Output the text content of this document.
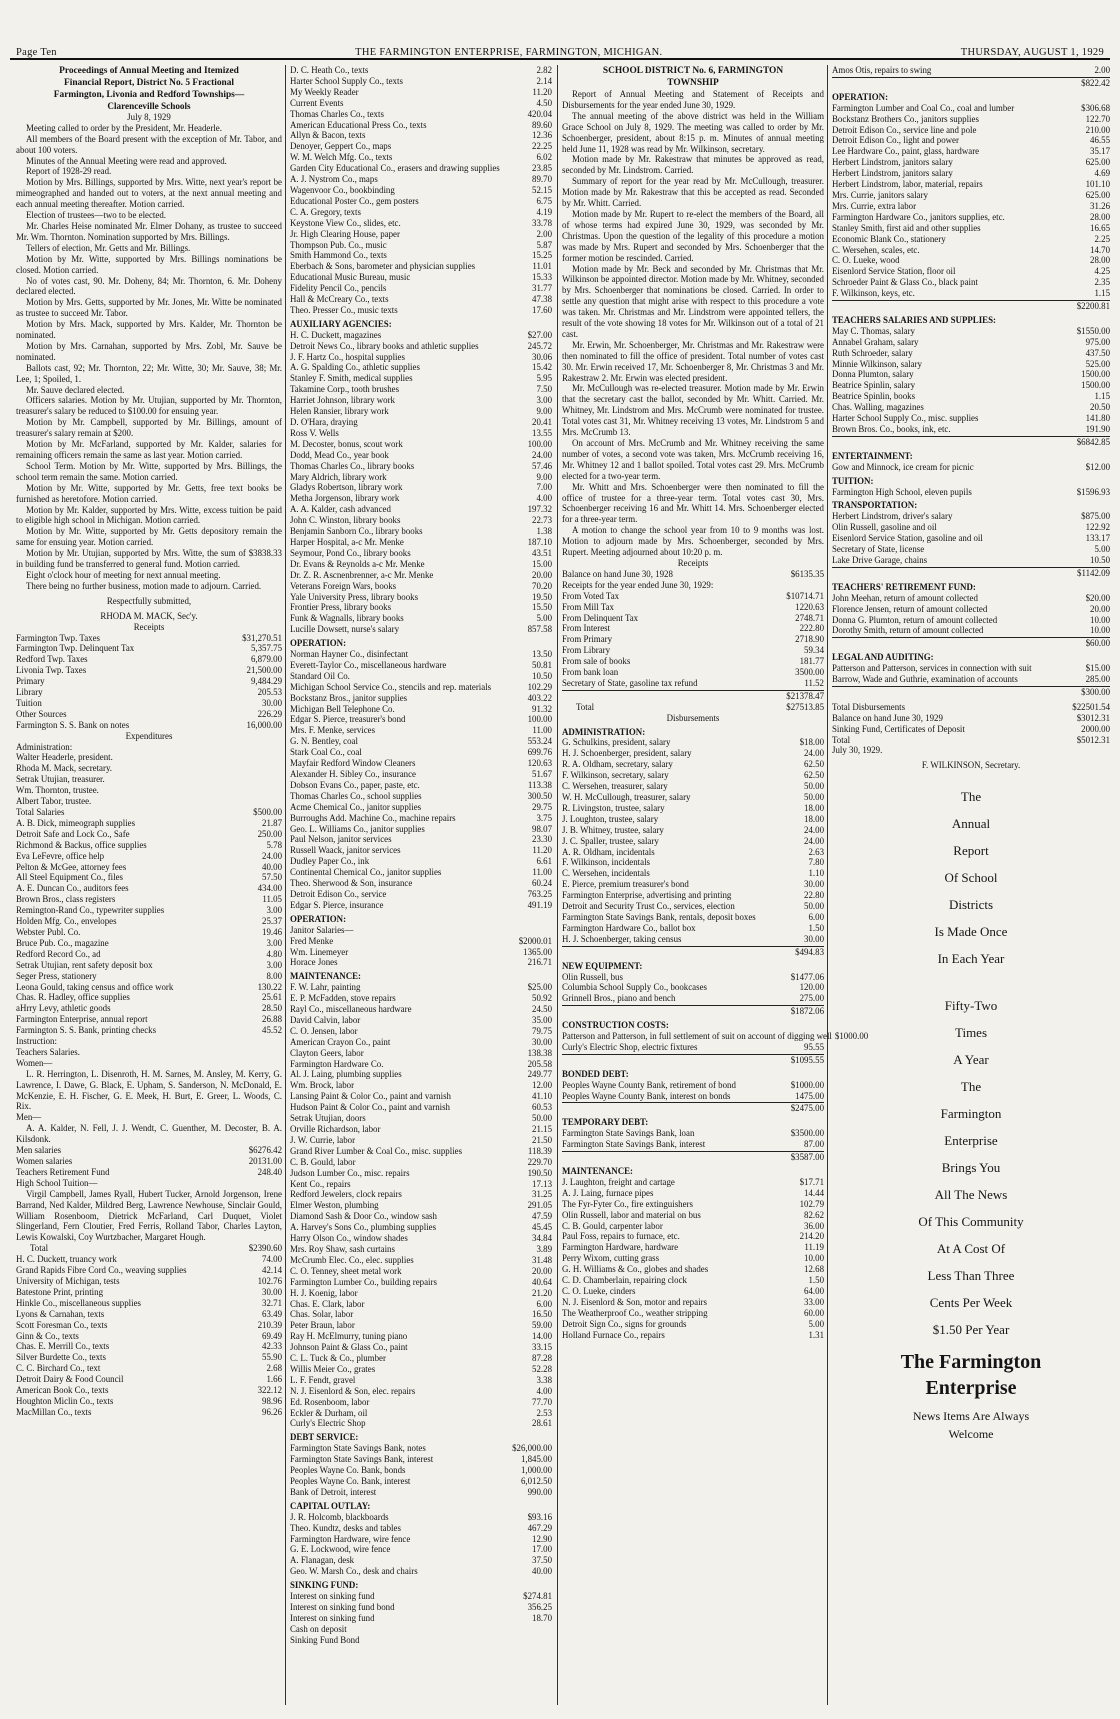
Page Ten	THE FARMINGTON ENTERPRISE, FARMINGTON, MICHIGAN.	THURSDAY, AUGUST 1, 1929
Proceedings of Annual Meeting and Itemized
Financial Report, District No. 5 Fractional
Farmington, Livonia and Redford Townships—
Clarenceville Schools
July 8, 1929

Meeting called to order by the President, Mr. Headerle.

All members of the Board present with the exception of Mr. Tabor, and about 100 voters.

Minutes of the Annual Meeting were read and approved.

Report of 1928-29 read.

Motion by Mrs. Billings, supported by Mrs. Witte, next year's report be mimeographed and handed out to voters, at the next annual meeting and each annual meeting thereafter. Motion carried.

Election of trustees—two to be elected.

Mr. Charles Heise nominated Mr. Elmer Dohany, as trustee to succeed Mr. Wm. Thornton. Nomination supported by Mrs. Billings.

Tellers of election, Mr. Getts and Mr. Billings.

Motion by Mr. Witte, supported by Mrs. Billings nominations be closed. Motion carried.

No of votes cast, 90. Mr. Doheny, 84; Mr. Thornton, 6. Mr. Doheny declared elected.

Motion by Mrs. Getts, supported by Mr. Jones, Mr. Witte be nominated as trustee to succeed Mr. Tabor.

Motion by Mrs. Mack, supported by Mrs. Kalder, Mr. Thornton be nominated.

Motion by Mrs. Carnahan, supported by Mrs. Zobl, Mr. Sauve be nominated.

Ballots cast, 92; Mr. Thornton, 22; Mr. Witte, 30; Mr. Sauve, 38; Mr. Lee, 1; Spoiled, 1.

Mr. Sauve declared elected.

Officers salaries. Motion by Mr. Utujian, supported by Mr. Thornton, treasurer's salary be reduced to $100.00 for ensuing year.

Motion by Mr. Campbell, supported by Mr. Billings, amount of treasurer's salary remain at $200.

Motion by Mr. McFarland, supported by Mr. Kalder, salaries for remaining officers remain the same as last year. Motion carried.

School Term. Motion by Mr. Witte, supported by Mrs. Billings, the school term remain the same. Motion carried.

Motion by Mr. Witte, supported by Mr. Getts, free text books be furnished as heretofore. Motion carried.

Motion by Mr. Kalder, supported by Mrs. Witte, excess tuition be paid to eligible high school in Michigan. Motion carried.

Motion by Mr. Witte, supported by Mr. Getts depository remain the same for ensuing year. Motion carried.

Motion by Mr. Utujian, supported by Mrs. Witte, the sum of $3838.33 in building fund be transferred to general fund. Motion carried.

Eight o'clock hour of meeting for next annual meeting.

There being no further business, motion made to adjourn. Carried.

Respectfully submitted,
RHODA M. MACK, Sec'y.
Receipts
Farmington Twp. Taxes	$31,270.51
Farmington Twp. Delinquent Tax	5,357.75
Redford Twp. Taxes	6,879.00
Livonia Twp. Taxes	21,500.00
Primary	9,484.29
Library	205.53
Tuition	30.00
Other Sources	226.29
Farmington S. S. Bank on notes	16,000.00
Expenditures
Administration:
Walter Headerle, president.
Rhoda M. Mack, secretary.
Setrak Utujian, treasurer.
Wm. Thornton, trustee.
Albert Tabor, trustee.
Total Salaries	$500.00
A. B. Dick, mimeograph supplies	21.87
Detroit Safe and Lock Co., Safe	250.00
Richmond & Backus, office supplies	5.78
Eva LeFevre, office help	24.00
Pelton & McGee, attorney fees	40.00
All Steel Equipment Co., files	57.50
A. E. Duncan Co., auditors fees	434.00
Brown Bros., class registers	11.05
Remington-Rand Co., typewriter supplies	3.00
Holden Mfg. Co., envelopes	25.37
Webster Publ. Co.	19.46
Bruce Pub. Co., magazine	3.00
Redford Record Co., ad	4.80
Setrak Utujian, rent safety deposit box	3.00
Seger Press, stationery	8.00
Leona Gould, taking census and office work	130.22
Chas. R. Hadley, office supplies	25.61
aHrry Levy, athletic goods	28.50
Farmington Enterprise, annual report	26.88
Farmington S. S. Bank, printing checks	45.52
Instruction:
Teachers Salaries.
Women—

L. R. Herrington, L. Disenroth, H. M. Sarnes, M. Ansley, M. Kerry, G. Lawrence, I. Dawe, G. Black, E. Upham, S. Sanderson, N. McDonald, E. McKenzie, E. H. Fischer, G. E. Meek, H. Burt, E. Greer, L. Woods, C. Rix.

Men—

A. A. Kalder, N. Fell, J. J. Wendt, C. Guenther, M. Decoster, B. A. Kilsdonk.

Men salaries	$6276.42
Women salaries	20131.00
Teachers Retirement Fund	248.40
High School Tuition—

Virgil Campbell, James Ryall, Hubert Tucker, Arnold Jorgenson, Irene Barrand, Ned Kalder, Mildred Berg, Lawrence Newhouse, Sinclair Gould, William Rosenboom, Dietrick McFarland, Carl Duquet, Violet Slingerland, Fern Cloutier, Fred Ferris, Rolland Tabor, Charles Layton, Lewis Kowalski, Coy Wurtzbacher, Margaret Hough.

Total	$2390.60
H. C. Duckett, truancy work	74.00
Grand Rapids Fibre Cord Co., weaving supplies	42.14
University of Michigan, tests	102.76
Batestone Print, printing	30.00
Hinkle Co., miscellaneous supplies	32.71
Lyons & Carnahan, texts	63.49
Scott Foresman Co., texts	210.39
Ginn & Co., texts	69.49
Chas. E. Merrill Co., texts	42.33
Silver Burdette Co., texts	55.90
C. C. Birchard Co., text	2.68
Detroit Dairy & Food Council	1.66
American Book Co., texts	322.12
Houghton Miclin Co., texts	98.96
MacMillan Co., texts	96.26
D. C. Heath Co., texts	2.82
Harter School Supply Co., texts	2.14
My Weekly Reader	11.20
Current Events	4.50
Thomas Charles Co., texts	420.04
American Educational Press Co., texts	89.60
Allyn & Bacon, texts	12.36
Denoyer, Geppert Co., maps	22.25
W. M. Welch Mfg. Co., texts	6.02
Garden City Educational Co., erasers and drawing supplies	23.85
A. J. Nystrom Co., maps	89.70
Wagenvoor Co., bookbinding	52.15
Educational Poster Co., gem posters	6.75
C. A. Gregory, texts	4.19
Keystone View Co., slides, etc.	33.78
Jr. High Clearing House, paper	2.00
Thompson Pub. Co., music	5.87
Smith Hammond Co., texts	15.25
Eberbach & Sons, barometer and physician supplies	11.01
Educational Music Bureau, music	15.33
Fidelity Pencil Co., pencils	31.77
Hall & McCreary Co., texts	47.38
Theo. Presser Co., music texts	17.60
AUXILIARY AGENCIES:
H. C. Duckett, magazines	$27.00
Detroit News Co., library books and athletic supplies	245.72
J. F. Hartz Co., hospital supplies	30.06
A. G. Spalding Co., athletic supplies	15.42
Stanley F. Smith, medical supplies	5.95
Takamine Corp., tooth brushes	7.50
Harriet Johnson, library work	3.00
Helen Ransier, library work	9.00
D. O'Hara, draying	20.41
Ross V. Wells	13.55
M. Decoster, bonus, scout work	100.00
Dodd, Mead Co., year book	24.00
Thomas Charles Co., library books	57.46
Mary Aldrich, library work	9.00
Gladys Robertson, library work	7.00
Metha Jorgenson, library work	4.00
A. A. Kalder, cash advanced	197.32
John C. Winston, library books	22.73
Benjamin Sanborn Co., library books	1.38
Harper Hospital, a-c Mr. Menke	187.10
Seymour, Pond Co., library books	43.51
Dr. Evans & Reynolds a-c Mr. Menke	15.00
Dr. Z. R. Ascnenbrenner, a-c Mr. Menke	20.00
Veterans Foreign Wars, books	70.20
Yale University Press, library books	19.50
Frontier Press, library books	15.50
Funk & Wagnalls, library books	5.00
Lucille Dowsett, nurse's salary	857.58
OPERATION:
Norman Hayner Co., disinfectant	13.50
Everett-Taylor Co., miscellaneous hardware	50.81
Standard Oil Co.	10.50
Michigan School Service Co., stencils and rep. materials	102.29
Bockstanz Bros., janitor supplies	403.22
Michigan Bell Telephone Co.	91.32
Edgar S. Pierce, treasurer's bond	100.00
Mrs. F. Menke, services	11.00
G. N. Bentley, coal	553.24
Stark Coal Co., coal	699.76
Mayfair Redford Window Cleaners	120.63
Alexander H. Sibley Co., insurance	51.67
Dobson Evans Co., paper, paste, etc.	113.38
Thomas Charles Co., school supplies	300.50
Acme Chemical Co., janitor supplies	29.75
Burroughs Add. Machine Co., machine repairs	3.75
Geo. L. Williams Co., janitor supplies	98.07
Paul Nelson, janitor services	23.30
Russell Waack, janitor services	11.20
Dudley Paper Co., ink	6.61
Continental Chemical Co., janitor supplies	11.00
Theo. Sherwood & Son, insurance	60.24
Detroit Edison Co., service	763.25
Edgar S. Pierce, insurance	491.19
OPERATION:
Janitor Salaries—
Fred Menke	$2000.01
Wm. Linemeyer	1365.00
Horace Jones	216.71
MAINTENANCE:
F. W. Lahr, painting	$25.00
E. P. McFadden, stove repairs	50.92
Rayl Co., miscellaneous hardware	24.50
David Calvin, labor	35.00
C. O. Jensen, labor	79.75
American Crayon Co., paint	30.00
Clayton Geers, labor	138.38
Farmington Hardware Co.	205.58
Al. J. Laing, plumbing supplies	249.77
Wm. Brock, labor	12.00
Lansing Paint & Color Co., paint and varnish	41.10
Hudson Paint & Color Co., paint and varnish	60.53
Setrak Utujian, doors	50.00
Orville Richardson, labor	21.15
J. W. Currie, labor	21.50
Grand River Lumber & Coal Co., misc. supplies	118.39
C. B. Gould, labor	229.70
Judson Lumber Co., misc. repairs	190.50
Kent Co., repairs	17.13
Redford Jewelers, clock repairs	31.25
Elmer Weston, plumbing	291.05
Diamond Sash & Door Co., window sash	47.59
A. Harvey's Sons Co., plumbing supplies	45.45
Harry Olson Co., window shades	34.84
Mrs. Roy Shaw, sash curtains	3.89
McCrumb Elec. Co., elec. supplies	31.48
C. O. Tenney, sheet metal work	20.00
Farmington Lumber Co., building repairs	40.64
H. J. Koenig, labor	21.20
Chas. E. Clark, labor	6.00
Chas. Solar, labor	16.50
Peter Braun, labor	59.00
Ray H. McElmurry, tuning piano	14.00
Johnson Paint & Glass Co., paint	33.15
C. L. Tuck & Co., plumber	87.28
Willis Meier Co., grates	52.28
L. F. Fendt, gravel	3.38
N. J. Eisenlord & Son, elec. repairs	4.00
Ed. Rosenboom, labor	77.70
Eckler & Durham, oil	2.53
Curly's Electric Shop	28.61
DEBT SERVICE:
Farmington State Savings Bank, notes	$26,000.00
Farmington State Savings Bank, interest	1,845.00
Peoples Wayne Co. Bank, bonds	1,000.00
Peoples Wayne Co. Bank, interest	6,012.50
Bank of Detroit, interest	990.00
CAPITAL OUTLAY:
J. R. Holcomb, blackboards	$93.16
Theo. Kundtz, desks and tables	467.29
Farmington Hardware, wire fence	12.90
G. E. Lockwood, wire fence	17.00
A. Flanagan, desk	37.50
Geo. W. Marsh Co., desk and chairs	40.00
SINKING FUND:
Interest on sinking fund	$274.81
Interest on sinking fund bond	356.25
Interest on sinking fund	18.70
Cash on deposit
Sinking Fund Bond
SCHOOL DISTRICT No. 6, FARMINGTON
TOWNSHIP

Report of Annual Meeting and Statement of Receipts and Disbursements for the year ended June 30, 1929.

The annual meeting of the above district was held in the William Grace School on July 8, 1929. The meeting was called to order by Mr. Schoenberger, president, about 8:15 p. m. Minutes of annual meeting held June 11, 1928 was read by Mr. Wilkinson, secretary.

Motion made by Mr. Rakestraw that minutes be approved as read, seconded by Mr. Lindstrom. Carried.

Summary of report for the year read by Mr. McCullough, treasurer. Motion made by Mr. Rakestraw that this be accepted as read. Seconded by Mr. Whitt. Carried.

Motion made by Mr. Rupert to re-elect the members of the Board, all of whose terms had expired June 30, 1929, was seconded by Mr. Christmas. Upon the question of the legality of this procedure a motion was made by Mrs. Rupert and seconded by Mrs. Schoenberger that the former motion be rescinded. Carried.

Motion made by Mr. Beck and seconded by Mr. Christmas that Mr. Wilkinson be appointed director. Motion made by Mr. Whitney, seconded by Mrs. Schoenberger that nominations be closed. Carried. In order to settle any question that might arise with respect to this procedure a vote was taken. Mr. Christmas and Mr. Lindstrom were appointed tellers, the result of the vote showing 18 votes for Mr. Wilkinson out of a total of 21 cast.

Mr. Erwin, Mr. Schoenberger, Mr. Christmas and Mr. Rakestraw were then nominated to fill the office of president. Total number of votes cast 30. Mr. Erwin received 17, Mr. Schoenberger 8, Mr. Christmas 3 and Mr. Rakestraw 2. Mr. Erwin was elected president.

Mr. McCullough was re-elected treasurer. Motion made by Mr. Erwin that the secretary cast the ballot, seconded by Mr. Whitt. Carried. Mr. Whitney, Mr. Lindstrom and Mrs. McCrumb were nominated for trustee. Total votes cast 31, Mr. Whitney receiving 13 votes, Mr. Lindstrom 5 and Mrs. McCrumb 13.

On account of Mrs. McCrumb and Mr. Whitney receiving the same number of votes, a second vote was taken, Mrs. McCrumb receiving 16, Mr. Whitney 12 and 1 ballot spoiled. Total votes cast 29. Mrs. McCrumb elected for a two-year term.

Mr. Whitt and Mrs. Schoenberger were then nominated to fill the office of trustee for a three-year term. Total votes cast 30, Mrs. Schoenberger receiving 16 and Mr. Whitt 14. Mrs. Schoenberger elected for a three-year term.

A motion to change the school year from 10 to 9 months was lost. Motion to adjourn made by Mrs. Schoenberger, seconded by Mrs. Rupert. Meeting adjourned about 10:20 p. m.

Receipts
Balance on hand June 30, 1928	$6135.35
Receipts for the year ended June 30, 1929:
From Voted Tax	$10714.71
From Mill Tax	1220.63
From Delinquent Tax	2748.71
From Interest	222.80
From Primary	2718.90
From Library	59.34
From sale of books	181.77
From bank loan	3500.00
Secretary of State, gasoline tax refund	11.52
$21378.47
Total	$27513.85
Disbursements
ADMINISTRATION:
G. Schulkins, president, salary	$18.00
H. J. Schoenberger, president, salary	24.00
R. A. Oldham, secretary, salary	62.50
F. Wilkinson, secretary, salary	62.50
C. Wersehen, treasurer, salary	50.00
W. H. McCullough, treasurer, salary	50.00
R. Livingston, trustee, salary	18.00
J. Loughton, trustee, salary	18.00
J. B. Whitney, trustee, salary	24.00
J. C. Spaller, trustee, salary	24.00
A. R. Oldham, incidentals	2.63
F. Wilkinson, incidentals	7.80
C. Wersehen, incidentals	1.10
E. Pierce, premium treasurer's bond	30.00
Farmington Enterprise, advertising and printing	22.80
Detroit and Security Trust Co., services, election	50.00
Farmington State Savings Bank, rentals, deposit boxes	6.00
Farmington Hardware Co., ballot box	1.50
H. J. Schoenberger, taking census	30.00
$494.83
NEW EQUIPMENT:
Olin Russell, bus	$1477.06
Columbia School Supply Co., bookcases	120.00
Grinnell Bros., piano and bench	275.00
$1872.06
CONSTRUCTION COSTS:
Patterson and Patterson, in full settlement of suit on account of digging well $1000.00
Curly's Electric Shop, electric fixtures	95.55
$1095.55
BONDED DEBT:
Peoples Wayne County Bank, retirement of bond	$1000.00
Peoples Wayne County Bank, interest on bonds	1475.00
$2475.00
TEMPORARY DEBT:
Farmington State Savings Bank, loan	$3500.00
Farmington State Savings Bank, interest	87.00
$3587.00
MAINTENANCE:
J. Laughton, freight and cartage	$17.71
A. J. Laing, furnace pipes	14.44
The Fyr-Fyter Co., fire extinguishers	102.79
Olin Russell, labor and material on bus	82.62
C. B. Gould, carpenter labor	36.00
Paul Foss, repairs to furnace, etc.	214.20
Farmington Hardware, hardware	11.19
Perry Wixom, cutting grass	10.00
G. H. Williams & Co., globes and shades	12.68
C. D. Chamberlain, repairing clock	1.50
C. O. Lueke, cinders	64.00
N. J. Eisenlord & Son, motor and repairs	33.00
The Weatherproof Co., weather stripping	60.00
Detroit Sign Co., signs for grounds	5.00
Holland Furnace Co., repairs	1.31
Amos Otis, repairs to swing	2.00
$822.42
OPERATION:
Farmington Lumber and Coal Co., coal and lumber	$306.68
Bockstanz Brothers Co., janitors supplies	122.70
Detroit Edison Co., service line and pole	210.00
Detroit Edison Co., light and power	46.55
Lee Hardware Co., paint, glass, hardware	35.17
Herbert Lindstrom, janitors salary	625.00
Herbert Lindstrom, janitors salary	4.69
Herbert Lindstrom, labor, material, repairs	101.10
Mrs. Currie, janitors salary	625.00
Mrs. Currie, extra labor	31.26
Farmington Hardware Co., janitors supplies, etc.	28.00
Stanley Smith, first aid and other supplies	16.65
Economic Blank Co., stationery	2.25
C. Wersehen, scales, etc.	14.70
C. O. Lueke, wood	28.00
Eisenlord Service Station, floor oil	4.25
Schroeder Paint & Glass Co., black paint	2.35
F. Wilkinson, keys, etc.	1.15
$2200.81
TEACHERS SALARIES AND SUPPLIES:
May C. Thomas, salary	$1550.00
Annabel Graham, salary	975.00
Ruth Schroeder, salary	437.50
Minnie Wilkinson, salary	525.00
Donna Plumton, salary	1500.00
Beatrice Spinlin, salary	1500.00
Beatrice Spinlin, books	1.15
Chas. Walling, magazines	20.50
Harter School Supply Co., misc. supplies	141.80
Brown Bros. Co., books, ink, etc.	191.90
$6842.85
ENTERTAINMENT:
Gow and Minnock, ice cream for picnic	$12.00
TUITION:
Farmington High School, eleven pupils	$1596.93
TRANSPORTATION:
Herbert Lindstrom, driver's salary	$875.00
Olin Russell, gasoline and oil	122.92
Eisenlord Service Station, gasoline and oil	133.17
Secretary of State, license	5.00
Lake Drive Garage, chains	10.50
$1142.09
TEACHERS' RETIREMENT FUND:
John Meehan, return of amount collected	$20.00
Florence Jensen, return of amount collected	20.00
Donna G. Plumton, return of amount collected	10.00
Dorothy Smith, return of amount collected	10.00
$60.00
LEGAL AND AUDITING:
Patterson and Patterson, services in connection with suit	$15.00
Barrow, Wade and Guthrie, examination of accounts	285.00
$300.00
Total Disbursements	$22501.54
Balance on hand June 30, 1929	$3012.31
Sinking Fund, Certificates of Deposit	2000.00
Total	$5012.31
July 30, 1929.
F. WILKINSON, Secretary.
The
Annual
Report
Of School
Districts
Is Made Once
In Each Year
Fifty-Two
Times
A Year
The
Farmington
Enterprise
Brings You
All The News
Of This Community
At A Cost Of
Less Than Three
Cents Per Week
$1.50 Per Year
The Farmington
Enterprise
News Items Are Always
Welcome
